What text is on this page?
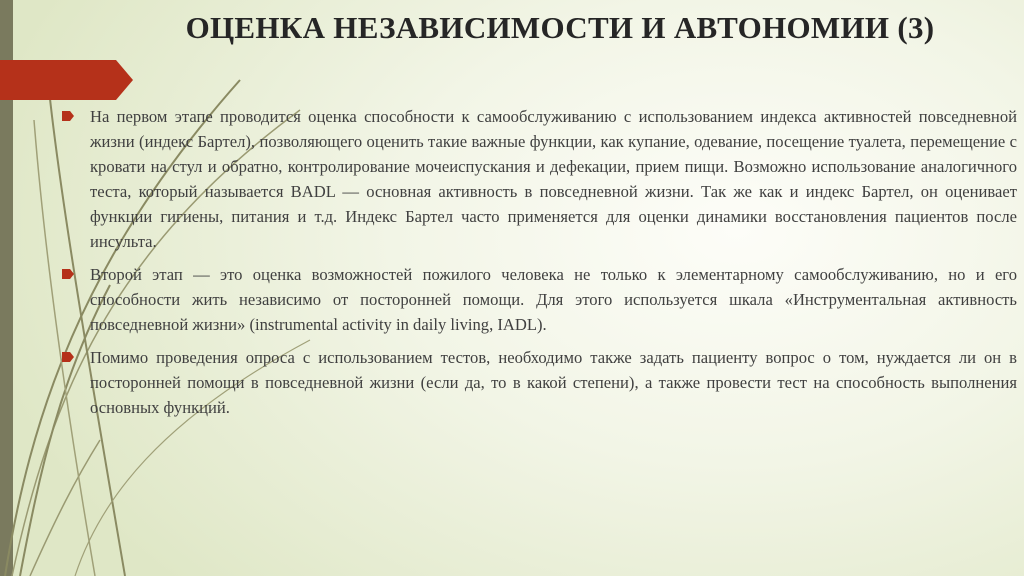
ОЦЕНКА НЕЗАВИСИМОСТИ И АВТОНОМИИ (3)
На первом этапе проводится оценка способности к самообслуживанию с использованием индекса активностей повседневной жизни (индекс Бартел), позволяющего оценить такие важные функции, как купание, одевание, посещение туалета, перемещение с кровати на стул и обратно, контролирование мочеиспускания и дефекации, прием пищи. Возможно использование аналогичного теста, который называется BADL — основная активность в повседневной жизни. Так же как и индекс Бартел, он оценивает функции гигиены, питания и т.д. Индекс Бартел часто применяется для оценки динамики восстановления пациентов после инсульта.
Второй этап — это оценка возможностей пожилого человека не только к элементарному самообслуживанию, но и его способности жить независимо от посторонней помощи. Для этого используется шкала «Инструментальная активность повседневной жизни» (instrumental activity in daily living, IADL).
Помимо проведения опроса с использованием тестов, необходимо также задать пациенту вопрос о том, нуждается ли он в посторонней помощи в повседневной жизни (если да, то в какой степени), а также провести тест на способность выполнения основных функций.
